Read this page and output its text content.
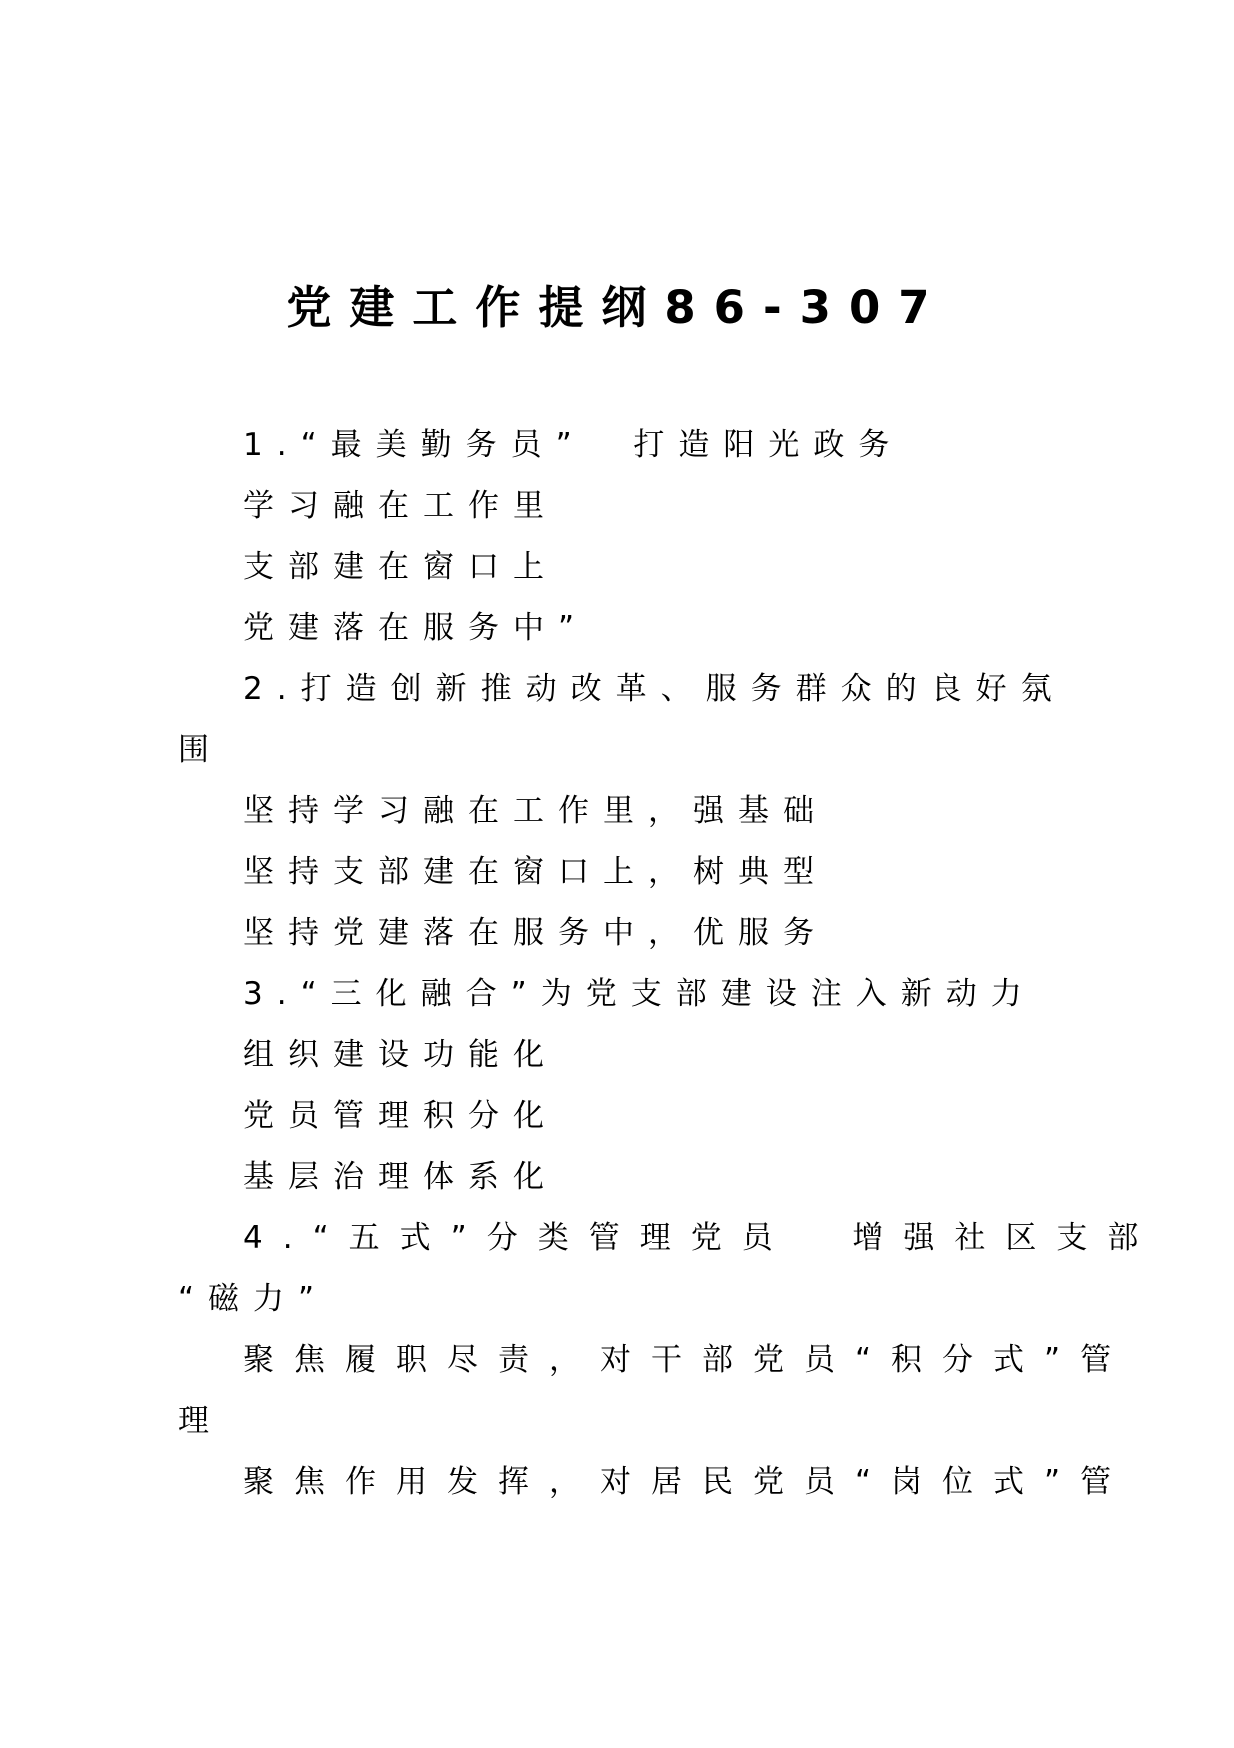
党建工作提纲86-307
1.“最美勤务员”  打造阳光政务
学习融在工作里
支部建在窗口上
党建落在服务中”
2.打造创新推动改革、服务群众的良好氛
围
坚持学习融在工作里，强基础
坚持支部建在窗口上，树典型
坚持党建落在服务中，优服务
3.“三化融合”为党支部建设注入新动力
组织建设功能化
党员管理积分化
基层治理体系化
4.“五式”分类管理党员  增强社区支部
“磁力”
聚焦履职尽责，对干部党员“积分式”管
理
聚焦作用发挥，对居民党员“岗位式”管
